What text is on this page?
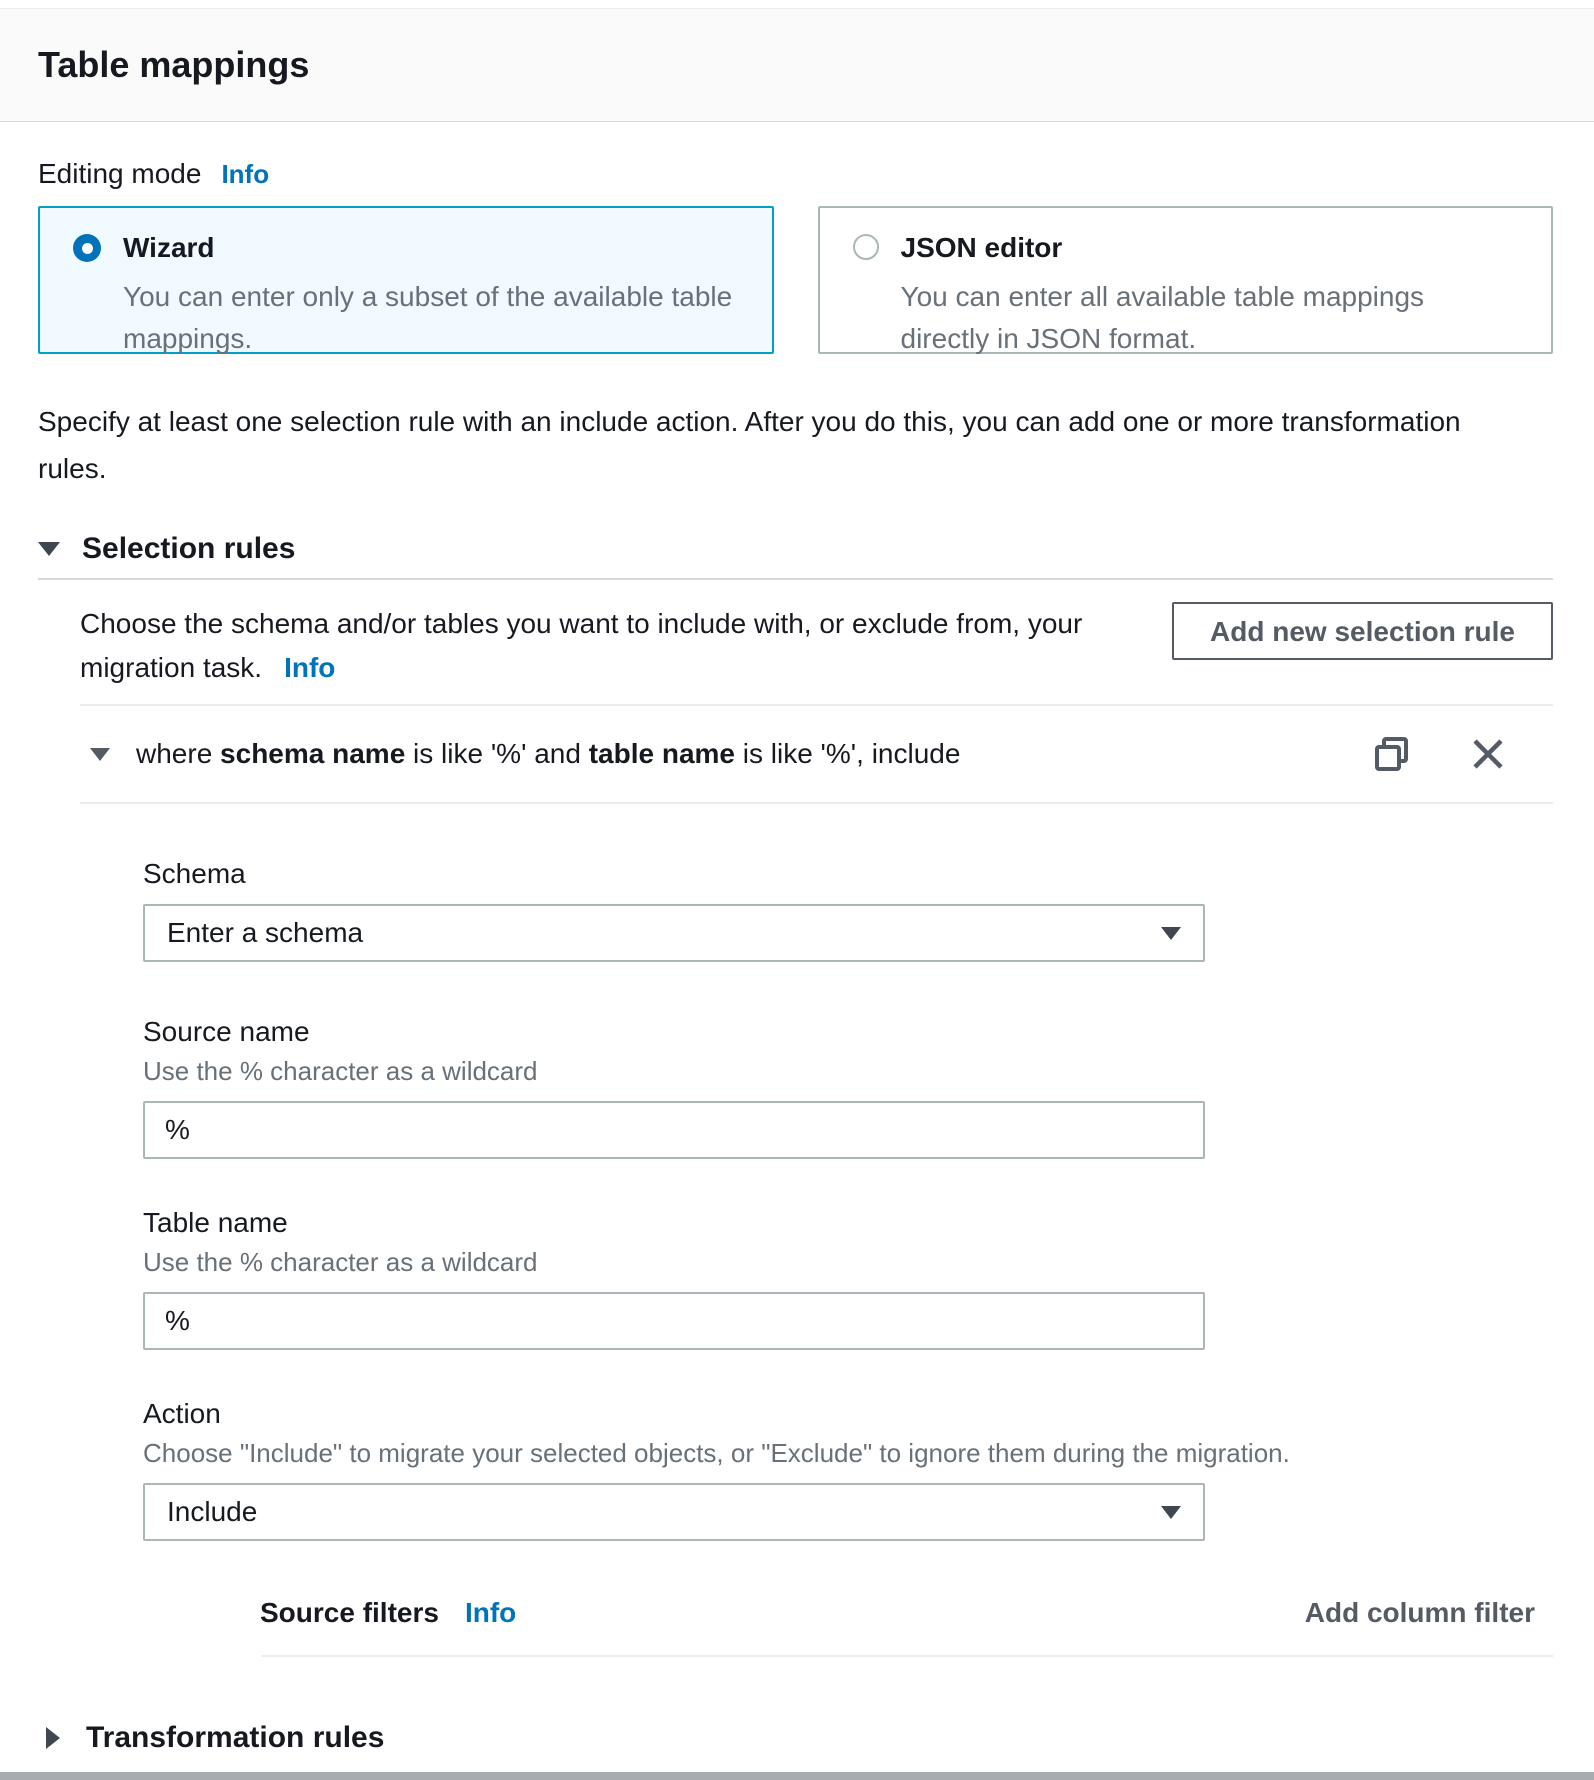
Table mappings
Editing mode Info
Wizard
You can enter only a subset of the available table mappings.
JSON editor
You can enter all available table mappings directly in JSON format.

Specify at least one selection rule with an include action. After you do this, you can add one or more transformation rules.

Selection rules

Choose the schema and/or tables you want to include with, or exclude from, your migration task. Info

Add new selection rule
where schema name is like '%' and table name is like '%', include
Schema
Enter a schema
Source name
Use the % character as a wildcard
%
Table name
Use the % character as a wildcard
%
Action
Choose "Include" to migrate your selected objects, or "Exclude" to ignore them during the migration.
Include
Source filters Info	Add column filter
Transformation rules
